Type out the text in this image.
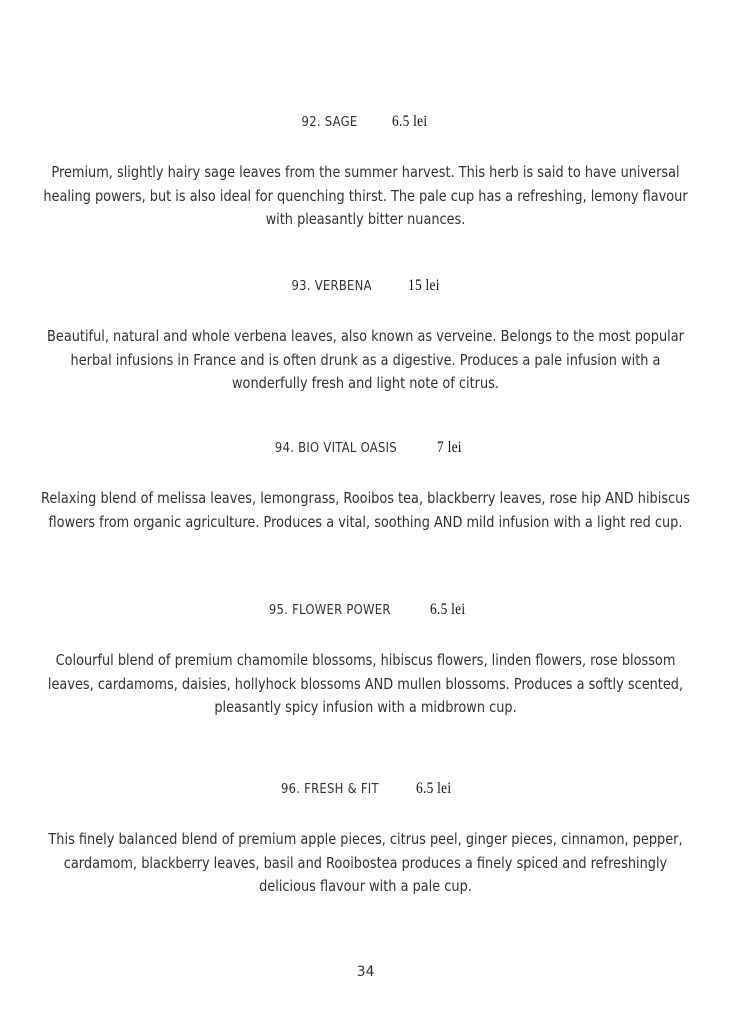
92. SAGE 6.5 lei
Premium, slightly hairy sage leaves from the summer harvest. This herb is said to have universal healing powers, but is also ideal for quenching thirst. The pale cup has a refreshing, lemony flavour with pleasantly bitter nuances.
93. VERBENA 15 lei
Beautiful, natural and whole verbena leaves, also known as verveine. Belongs to the most popular herbal infusions in France and is often drunk as a digestive. Produces a pale infusion with a wonderfully fresh and light note of citrus.
94. BIO VITAL OASIS 7 lei
Relaxing blend of melissa leaves, lemongrass, Rooibos tea, blackberry leaves, rose hip AND hibiscus flowers from organic agriculture. Produces a vital, soothing AND mild infusion with a light red cup.
95. FLOWER POWER 6.5 lei
Colourful blend of premium chamomile blossoms, hibiscus flowers, linden flowers, rose blossom leaves, cardamoms, daisies, hollyhock blossoms AND mullen blossoms. Produces a softly scented, pleasantly spicy infusion with a midbrown cup.
96. FRESH & FIT 6.5 lei
This finely balanced blend of premium apple pieces, citrus peel, ginger pieces, cinnamon, pepper, cardamom, blackberry leaves, basil and Rooibostea produces a finely spiced and refreshingly delicious flavour with a pale cup.
34
